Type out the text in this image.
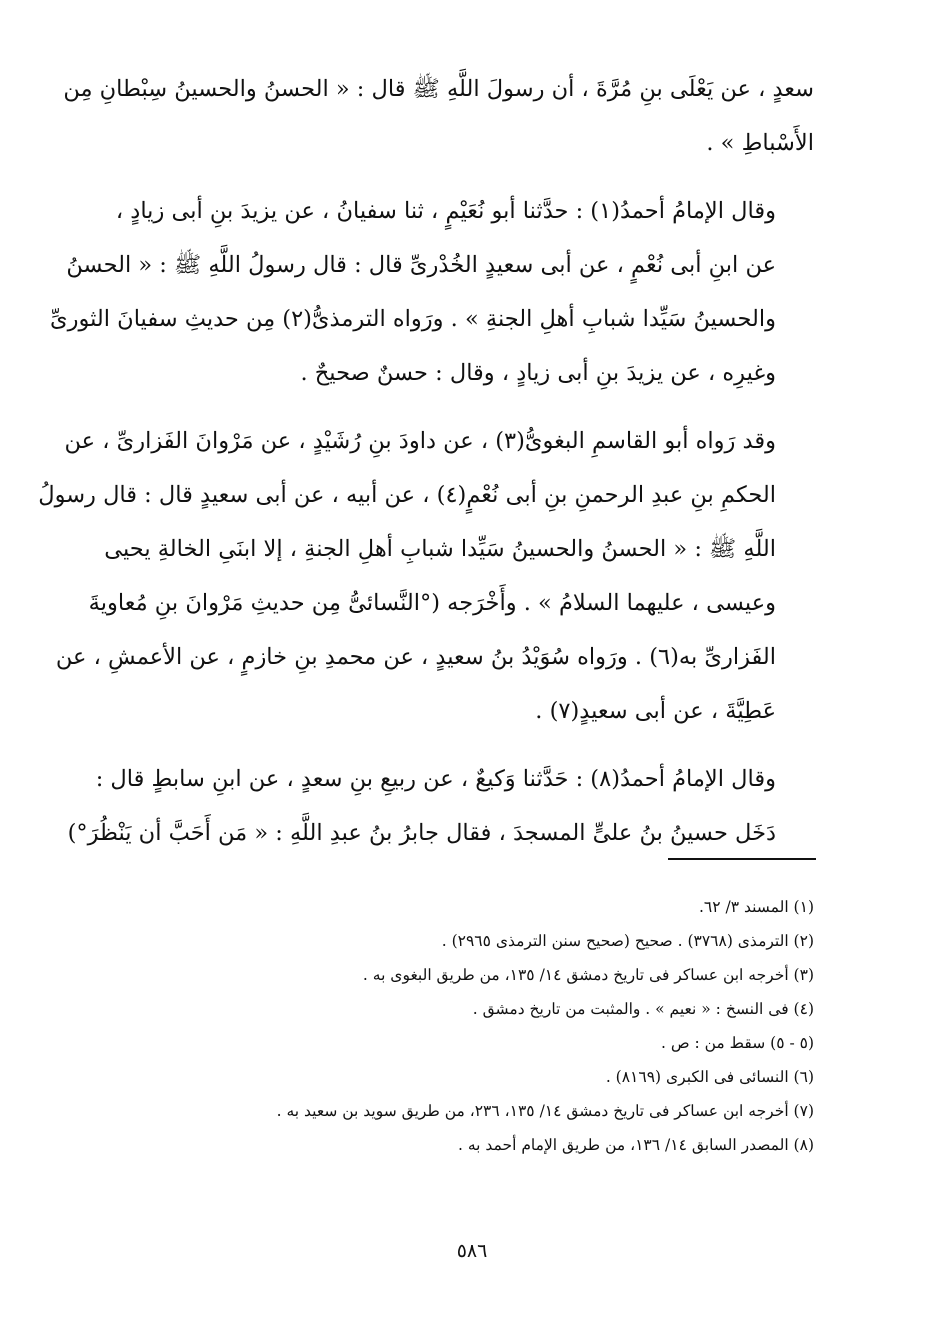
سعدٍ ، عن يَعْلَى بنِ مُرَّةَ ، أن رسولَ اللَّهِ ﷺ قال : « الحسنُ والحسينُ سِبْطانِ مِن
الأَسْباطِ » .

وقال الإمامُ أحمدُ(١) : حدَّثنا أبو نُعَيْمٍ ، ثنا سفيانُ ، عن يزيدَ بنِ أبى زيادٍ ،
عن ابنِ أبى نُعْمٍ ، عن أبى سعيدٍ الخُدْرىِّ قال : قال رسولُ اللَّهِ ﷺ : « الحسنُ
والحسينُ سَيِّدا شبابِ أهلِ الجنةِ » . ورَواه الترمذىُّ(٢) مِن حديثِ سفيانَ الثورىِّ
وغيرِه ، عن يزيدَ بنِ أبى زيادٍ ، وقال : حسنٌ صحيحٌ .

وقد رَواه أبو القاسمِ البغوىُّ(٣) ، عن داودَ بنِ رُشَيْدٍ ، عن مَرْوانَ الفَزارىِّ ، عن
الحكمِ بنِ عبدِ الرحمنِ بنِ أبى نُعْمٍ(٤) ، عن أبيه ، عن أبى سعيدٍ قال : قال رسولُ
اللَّهِ ﷺ : « الحسنُ والحسينُ سَيِّدا شبابِ أهلِ الجنةِ ، إلا ابنَىِ الخالةِ يحيى
وعيسى ، عليهما السلامُ » . وأَخْرَجه (°النَّسائىُّ مِن حديثِ مَرْوانَ بنِ مُعاويةَ
الفَزارىِّ به(٦) . ورَواه سُوَيْدُ بنُ سعيدٍ ، عن محمدِ بنِ خازمٍ ، عن الأعمشِ ، عن
عَطِيَّةَ ، عن أبى سعيدٍ(٧) .

وقال الإمامُ أحمدُ(٨) : حَدَّثنا وَكيعٌ ، عن ربيعِ بنِ سعدٍ ، عن ابنِ سابطٍ قال :
دَخَل حسينُ بنُ علىٍّ المسجدَ ، فقال جابرُ بنُ عبدِ اللَّهِ : « مَن أَحَبَّ أن يَنْظُرَ°)

(١) المسند ٣/ ٦٢.
(٢) الترمذى (٣٧٦٨) . صحيح (صحيح سنن الترمذى ٢٩٦٥) .
(٣) أخرجه ابن عساكر فى تاريخ دمشق ١٤/ ١٣٥، من طريق البغوى به .
(٤) فى النسخ : « نعيم » . والمثبت من تاريخ دمشق .
(٥ - ٥) سقط من : ص .
(٦) النسائى فى الكبرى (٨١٦٩) .
(٧) أخرجه ابن عساكر فى تاريخ دمشق ١٤/ ١٣٥، ٢٣٦، من طريق سويد بن سعيد به .
(٨) المصدر السابق ١٤/ ١٣٦، من طريق الإمام أحمد به .
٥٨٦
